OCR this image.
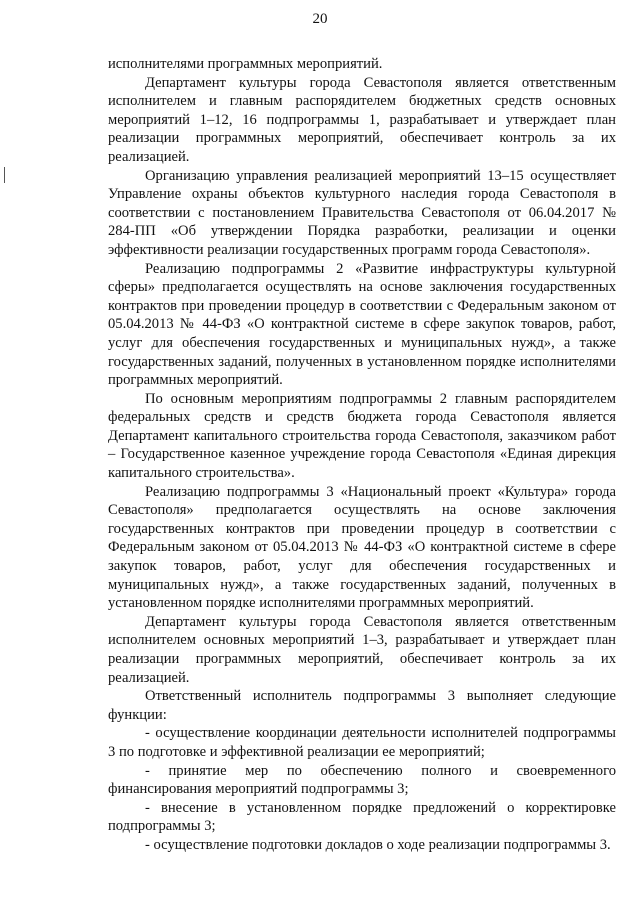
20

исполнителями программных мероприятий.

Департамент культуры города Севастополя является ответственным исполнителем и главным распорядителем бюджетных средств основных мероприятий 1–12, 16 подпрограммы 1, разрабатывает и утверждает план реализации программных мероприятий, обеспечивает контроль за их реализацией.

Организацию управления реализацией мероприятий 13–15 осуществляет Управление охраны объектов культурного наследия города Севастополя в соответствии с постановлением Правительства Севастополя от 06.04.2017 № 284-ПП «Об утверждении Порядка разработки, реализации и оценки эффективности реализации государственных программ города Севастополя».

Реализацию подпрограммы 2 «Развитие инфраструктуры культурной сферы» предполагается осуществлять на основе заключения государственных контрактов при проведении процедур в соответствии с Федеральным законом от 05.04.2013 № 44-ФЗ «О контрактной системе в сфере закупок товаров, работ, услуг для обеспечения государственных и муниципальных нужд», а также государственных заданий, полученных в установленном порядке исполнителями программных мероприятий.

По основным мероприятиям подпрограммы 2 главным распорядителем федеральных средств и средств бюджета города Севастополя является Департамент капитального строительства города Севастополя, заказчиком работ – Государственное казенное учреждение города Севастополя «Единая дирекция капитального строительства».

Реализацию подпрограммы 3 «Национальный проект «Культура» города Севастополя» предполагается осуществлять на основе заключения государственных контрактов при проведении процедур в соответствии с Федеральным законом от 05.04.2013 № 44-ФЗ «О контрактной системе в сфере закупок товаров, работ, услуг для обеспечения государственных и муниципальных нужд», а также государственных заданий, полученных в установленном порядке исполнителями программных мероприятий.

Департамент культуры города Севастополя является ответственным исполнителем основных мероприятий 1–3, разрабатывает и утверждает план реализации программных мероприятий, обеспечивает контроль за их реализацией.

Ответственный исполнитель подпрограммы 3 выполняет следующие функции:

- осуществление координации деятельности исполнителей подпрограммы 3 по подготовке и эффективной реализации ее мероприятий;

- принятие мер по обеспечению полного и своевременного финансирования мероприятий подпрограммы 3;

- внесение в установленном порядке предложений о корректировке подпрограммы 3;

- осуществление подготовки докладов о ходе реализации подпрограммы 3.
